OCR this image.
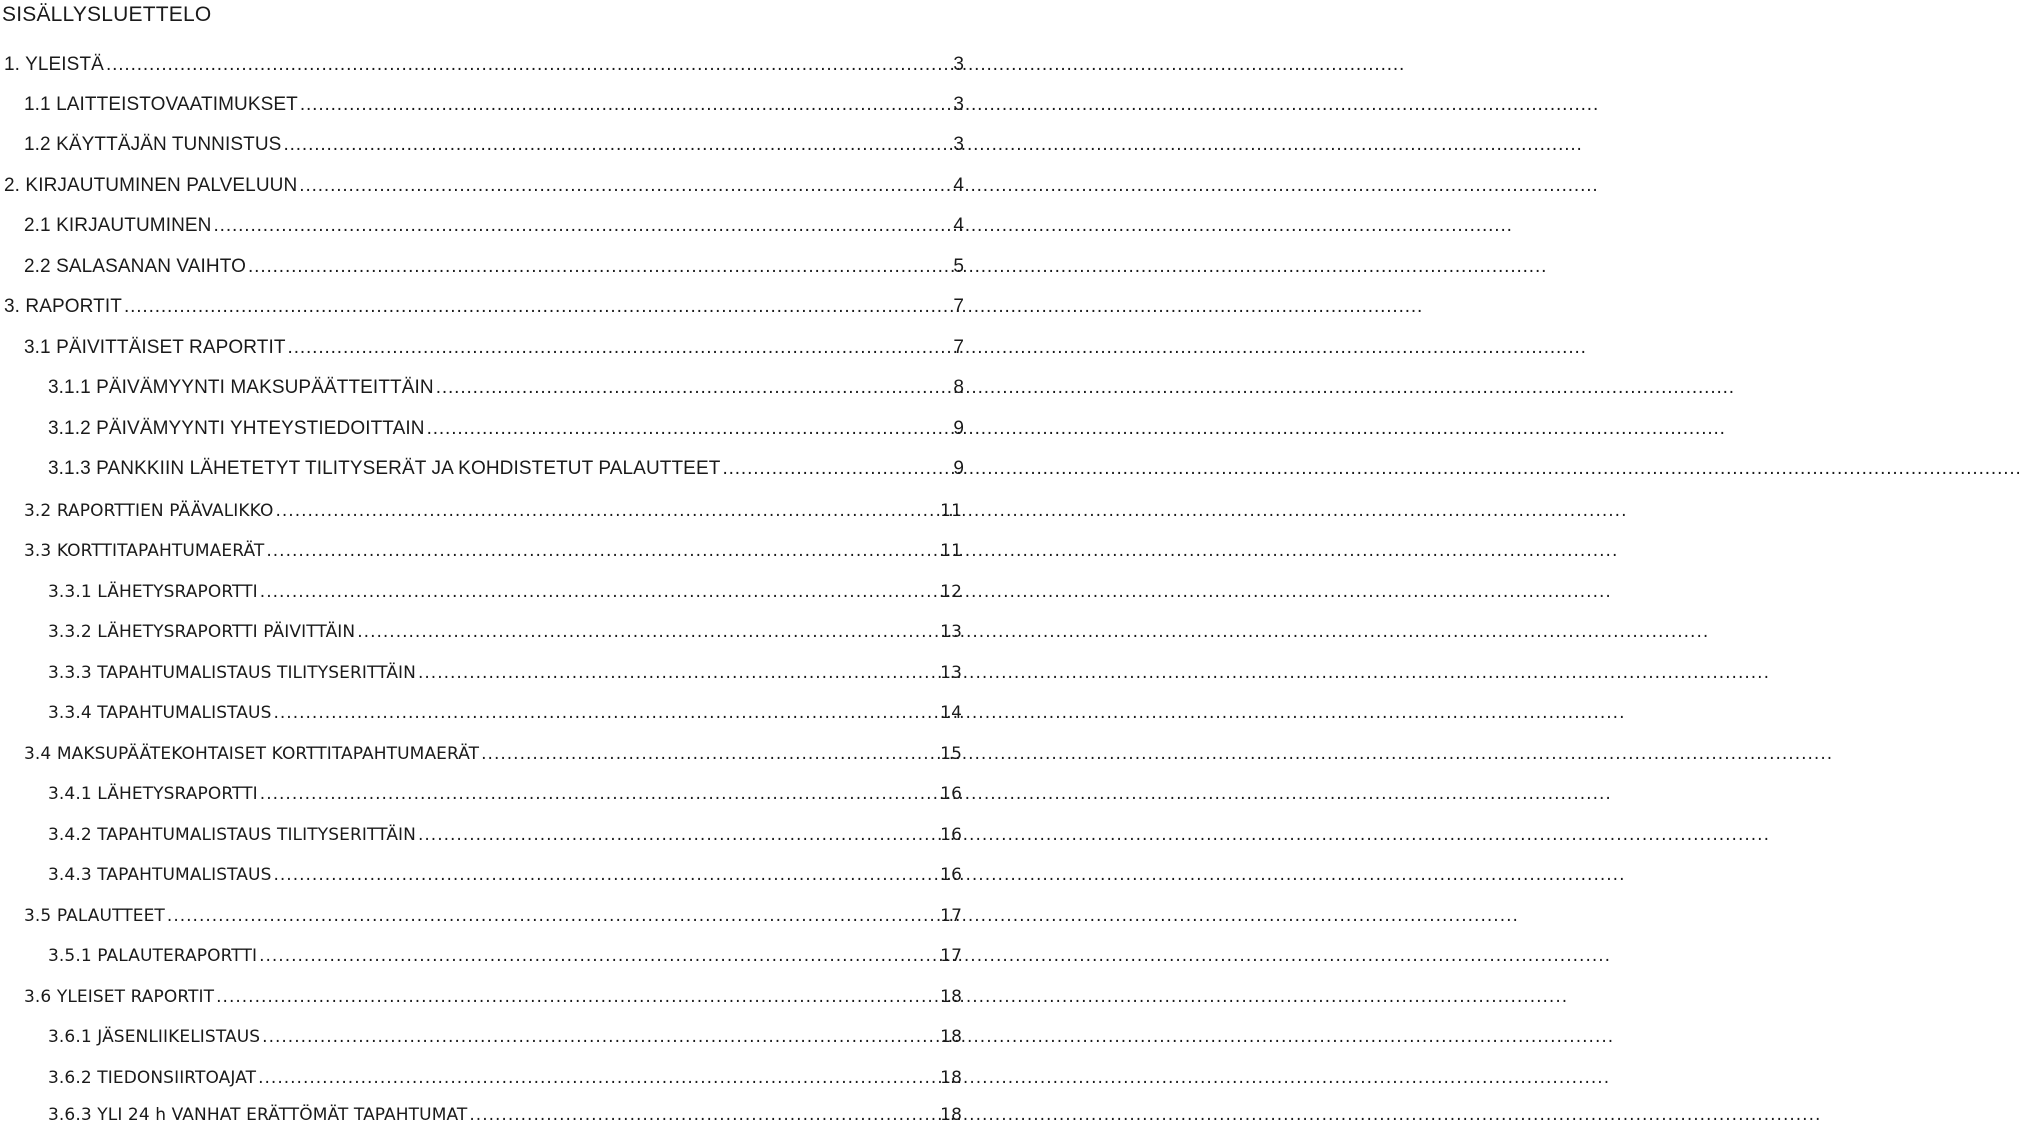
SISÄLLYSLUETTELO
1. YLEISTÄ . . .	3
1.1 LAITTEISTOVAATIMUKSET . . .	3
1.2 KÄYTTÄJÄN TUNNISTUS . . .	3
2. KIRJAUTUMINEN PALVELUUN . . .	4
2.1 KIRJAUTUMINEN . . .	4
2.2 SALASANAN VAIHTO . . .	5
3. RAPORTIT . . .	7
3.1 PÄIVITTÄISET RAPORTIT . . .	7
3.1.1 PÄIVÄMYYNTI MAKSUPÄÄTTEITTÄIN . . .	8
3.1.2 PÄIVÄMYYNTI YHTEYSTIEDOITTAIN . . .	9
3.1.3 PANKKIIN LÄHETETYT TILITYSERÄT JA KOHDISTETUT PALAUTTEET . . .	9
3.2 RAPORTTIEN PÄÄVALIKKO . . .	11
3.3 KORTTITAPAHTUMAERÄT . . .	11
3.3.1 LÄHETYSRAPORTTI . . .	12
3.3.2 LÄHETYSRAPORTTI PÄIVITTÄIN . . .	13
3.3.3 TAPAHTUMALISTAUS TILITYSERITTÄIN . . .	13
3.3.4 TAPAHTUMALISTAUS . . .	14
3.4 MAKSUPÄÄTEKOHTAISET KORTTITAPAHTUMAERÄT . . .	15
3.4.1 LÄHETYSRAPORTTI . . .	16
3.4.2 TAPAHTUMALISTAUS TILITYSERITTÄIN . . .	16
3.4.3 TAPAHTUMALISTAUS . . .	16
3.5 PALAUTTEET . . .	17
3.5.1 PALAUTERAPORTTI . . .	17
3.6 YLEISET RAPORTIT . . .	18
3.6.1 JÄSENLIIKELISTAUS . . .	18
3.6.2 TIEDONSIIRTOAJAT . . .	18
3.6.3 YLI 24 h VANHAT ERÄTTÖMÄT TAPAHTUMAT . . .	18
